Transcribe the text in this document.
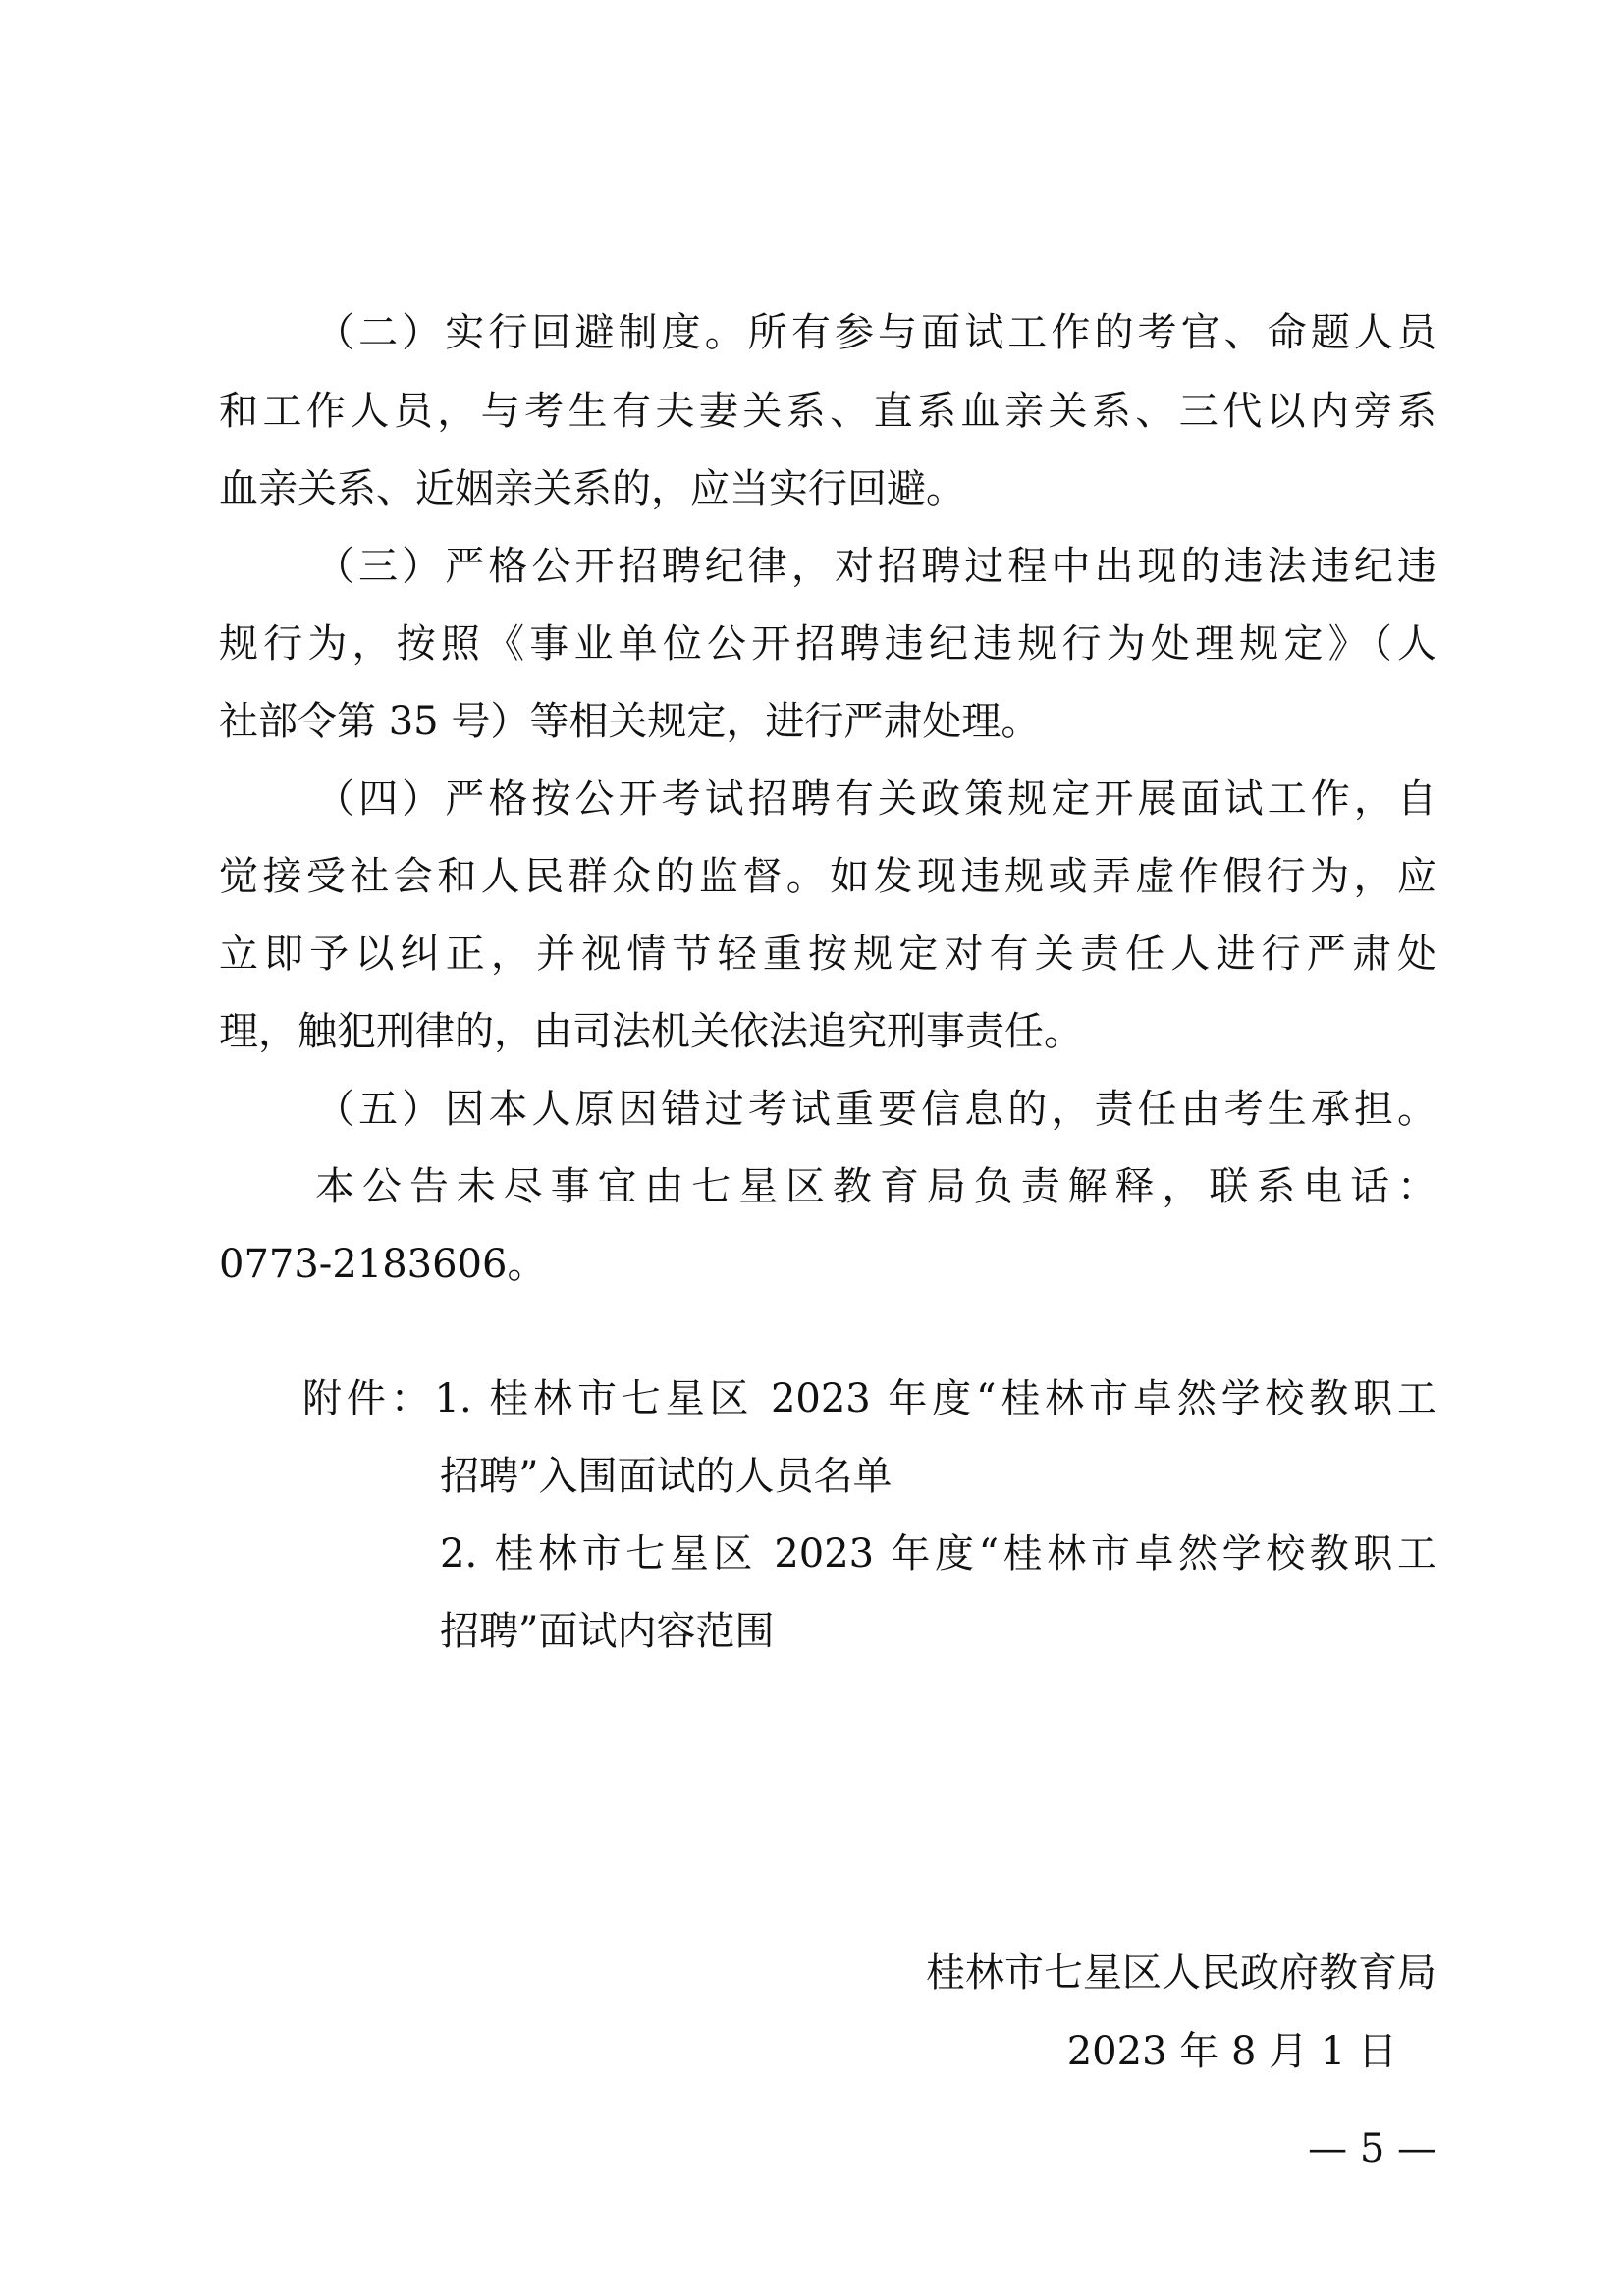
（二）实行回避制度。所有参与面试工作的考官、命题人员
和工作人员，与考生有夫妻关系、直系血亲关系、三代以内旁系
血亲关系、近姻亲关系的，应当实行回避。
（三）严格公开招聘纪律，对招聘过程中出现的违法违纪违
规行为，按照《事业单位公开招聘违纪违规行为处理规定》（人
社部令第 35 号）等相关规定，进行严肃处理。
（四）严格按公开考试招聘有关政策规定开展面试工作，自
觉接受社会和人民群众的监督。如发现违规或弄虚作假行为，应
立即予以纠正，并视情节轻重按规定对有关责任人进行严肃处
理，触犯刑律的，由司法机关依法追究刑事责任。
（五）因本人原因错过考试重要信息的，责任由考生承担。
本公告未尽事宜由七星区教育局负责解释，联系电话：
0773-2183606。
附件：1. 桂林市七星区 2023 年度“桂林市卓然学校教职工
招聘”入围面试的人员名单
2. 桂林市七星区 2023 年度“桂林市卓然学校教职工
招聘”面试内容范围
桂林市七星区人民政府教育局
2023 年 8 月 1 日
— 5 —
